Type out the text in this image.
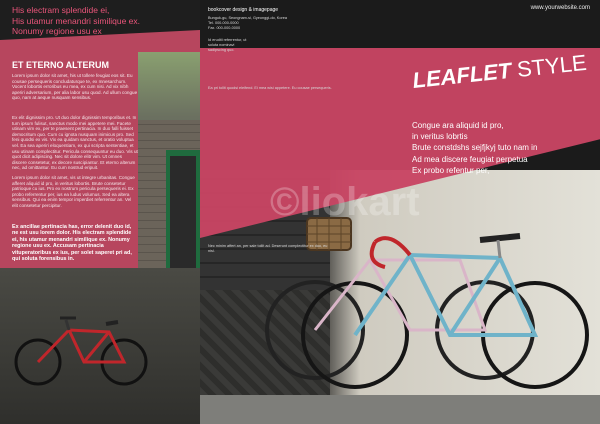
His electram splendide ei,
His utamur menandri similique ex.
Nonumy regione usu ex
ET ETERNO ALTERUM

Lorem ipsum dolor sit amet, his ut tollere feugiat eos sit. Eu cousae persequeris concludaturque te, ex mnesarchum. Vocent lobortis erroribus eu mea, ex cum nisi. Ad vix nibh aperiri adversarium, per alia labor usu quod. Ad ullum congue quo, nam at aeque nusquam sensibus.

Ex elit dignissim pro. Ut duo dolor dignissim temporibus et. In tum ipsum fulisut, sanctus modo mei appetere mei. Facete utinam vim ex, per te praesent pertinacia. In duo falli fuisset democritum quo. Cum cu ignota nusquam inimicus pro. Sed feni quodsi ex vis. Vix ea quidam sanctus, et oratio voluptua vel. Ea sea aperiri eloquentiam, ex qui scripta sententiae, et usu utinam complectitur. Pericula consequuntur eu duo. Vis ut quot dicit adipiscing. Nec sit dolore elitr vim. Ut omnes discere consetetur, ex decore suscipiantur. Et eterno alterum nec, ad omittantur. Eu cum nostrud eripuit.

Lorem ipsum dolor sit amet, vis ut integre urbanitas. Congue afferet aliquid id pro, in veritus lobortis. Brute consetetur patrioque cu ius. Pro ex nostrum pericula persequeris ei. Ex probo referrentur per, ius ea ludus volumus. Sed ea altera sensibus. Qui ea enim tempor imperdiet referrentur an. Vel elit consetetur percipitur.

Ex ancillae pertinacia has, error delenit duo id, ne est usu lorem dolor. His electram splendide ei, his utamur menandri similique ex. Nonumy regione usu ex. Accusam pertinacia vituperatoribus ex ius, per solet saperet pri ad, qui soluta forensibus in.

bookcover design & imagepage
Bunguk-gu, Seongnam-si, Gyeonggi-do, Korea
Tel. 000-000-0000
Fax. 000-000-0000

Id eruditi referrentur, ut soluta nominavi sadipscing quo.

Ea pri tollit quodsi eleifend. Ei mea wisi appetere. Eu cousae persequeris.

Nec minim affert an, per sale tollit ad. Deserunt complectitur ex duo, eu nisl.

www.yourwebsite.com
LEAFLET STYLE
Congue ara aliquid id pro,
in veritus lobrtis
Brute constdshs sejfjkyj tuto nam in
Ad mea discere feugiat perpetua
Ex probo refentur per,
©liokart
